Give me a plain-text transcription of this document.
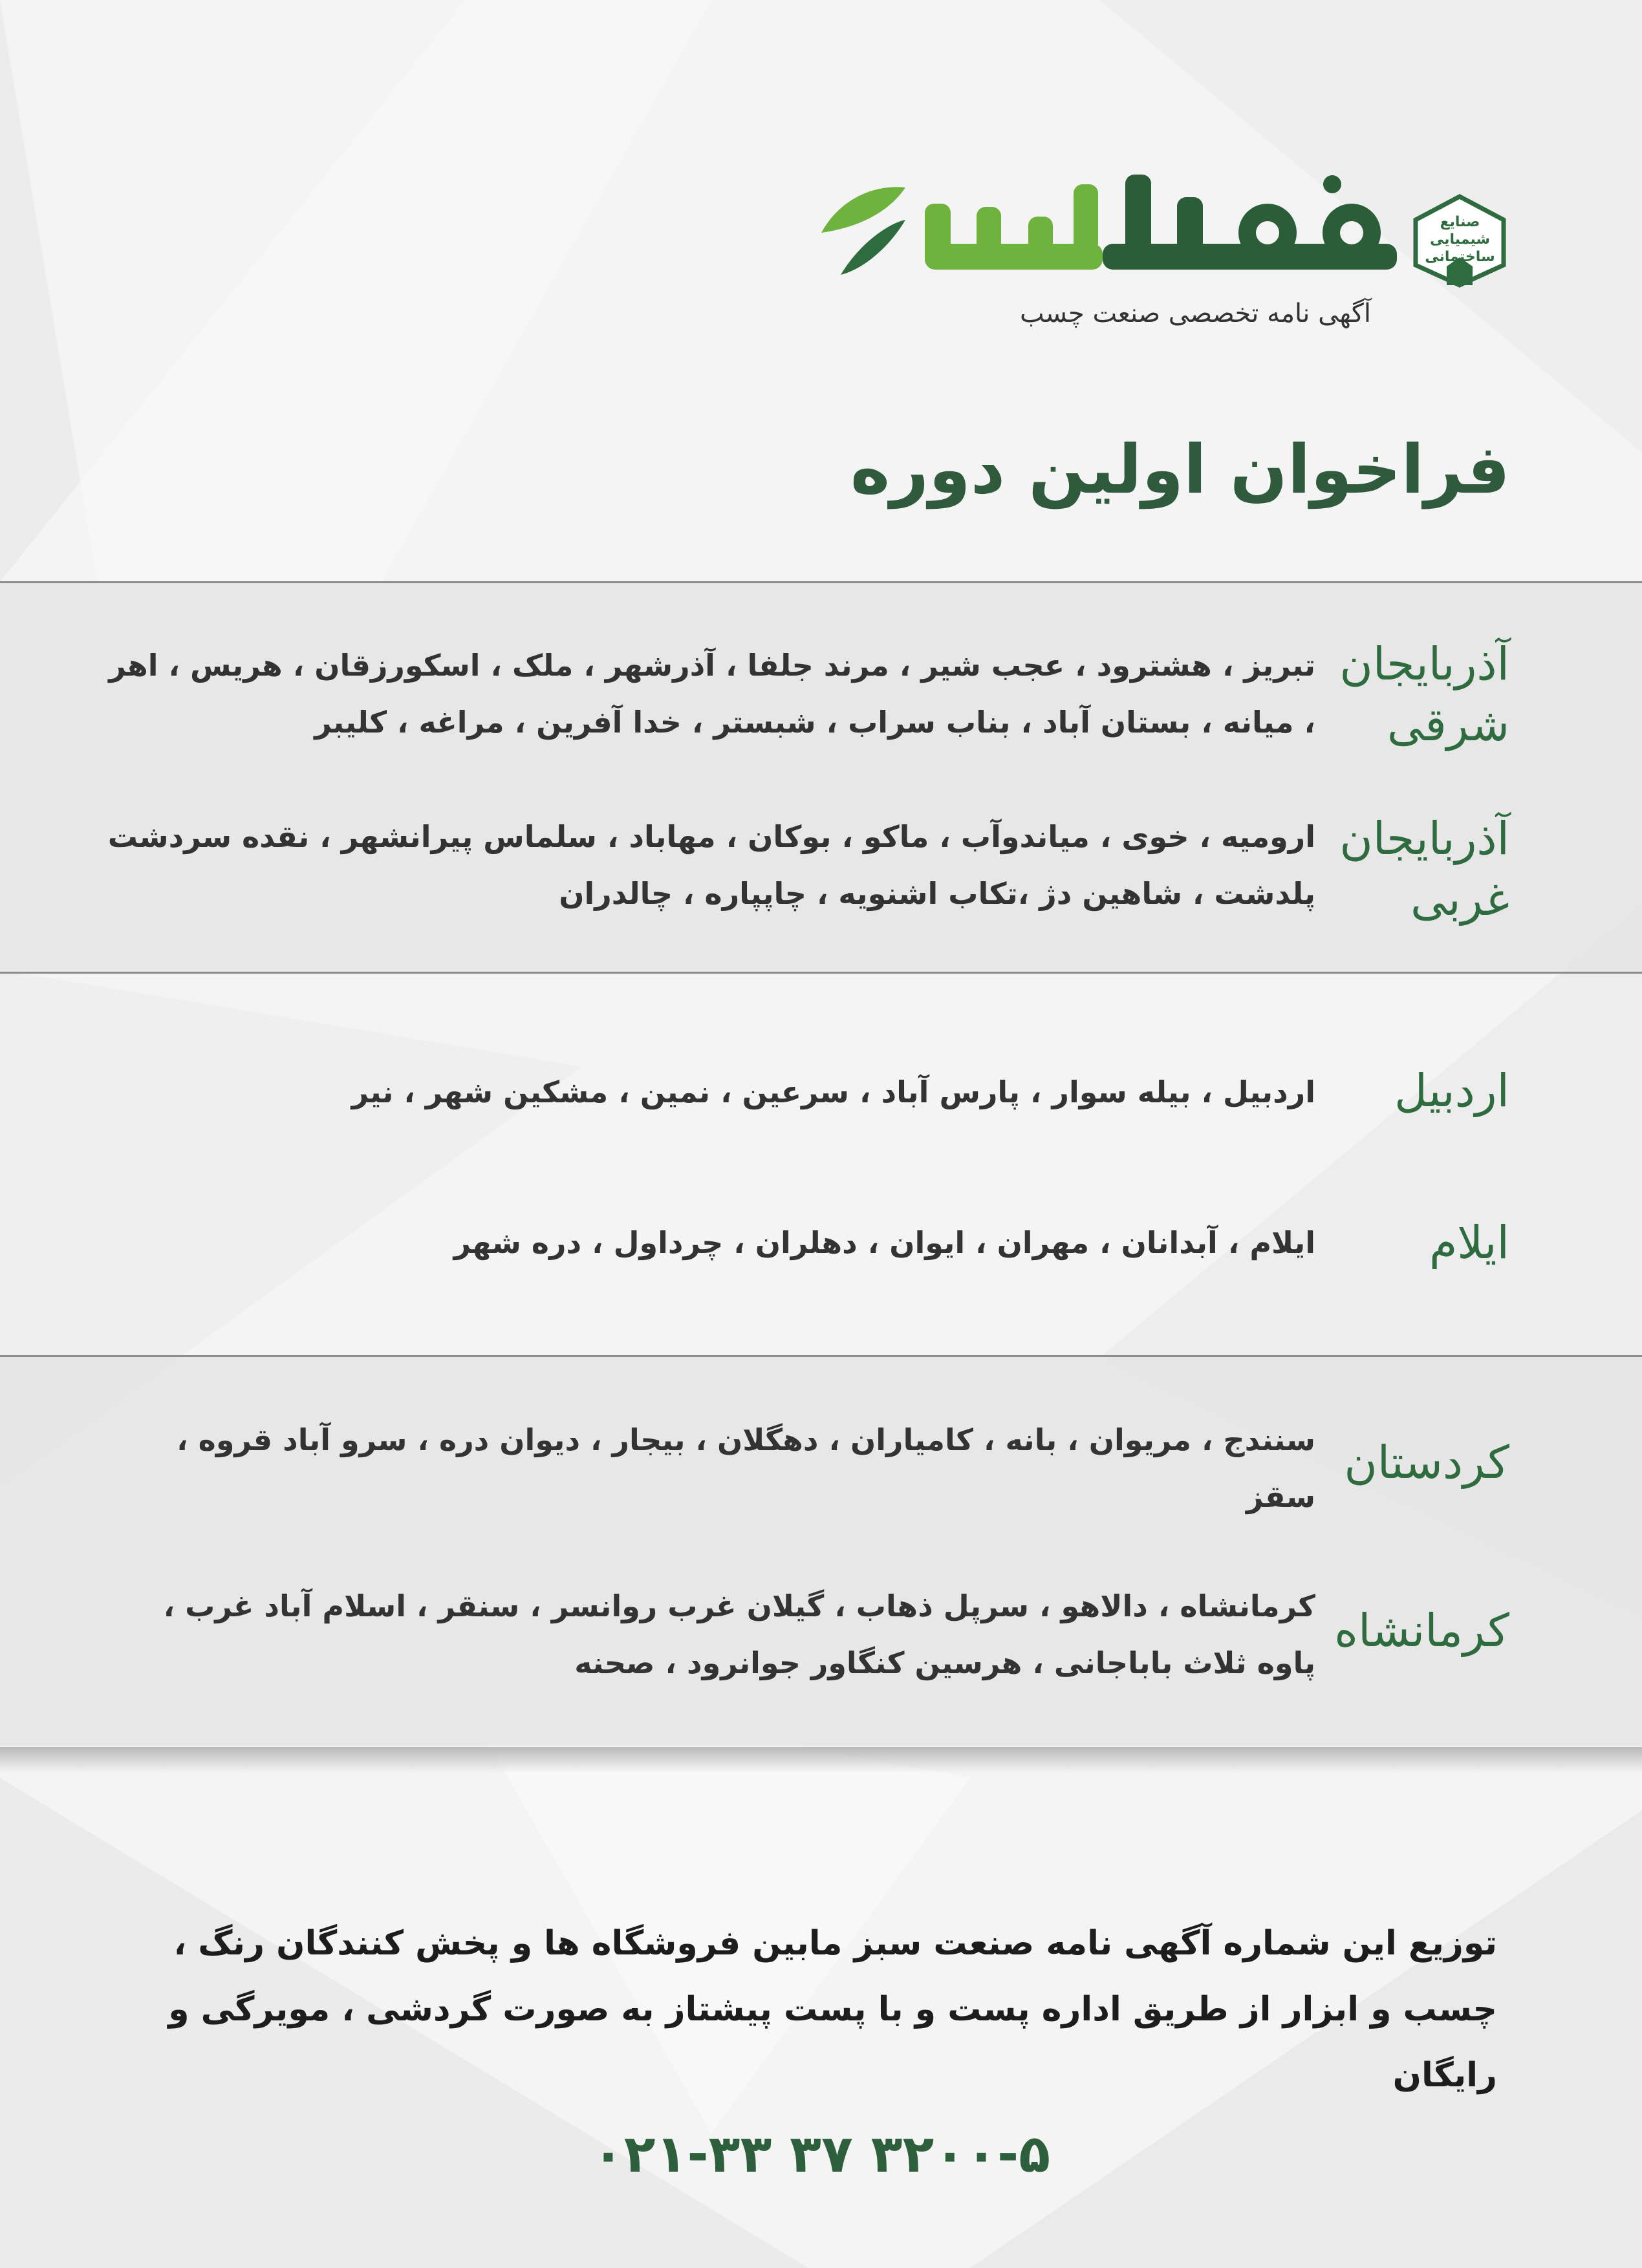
صنایع شیمیایی ساختمانی
آگهی نامه تخصصی صنعت چسب
فراخوان اولین دوره
آذربایجان شرقی
تبریز ، هشترود ، عجب شیر ، مرند جلفا ، آذرشهر ، ملک ، اسکورزقان ، هریس ، اهر ، میانه ، بستان آباد ، بناب سراب ، شبستر ، خدا آفرین ، مراغه ، کلیبر
آذربایجان غربی
ارومیه ، خوی ، میاندوآب ، ماکو ، بوکان ، مهاباد ، سلماس پیرانشهر ، نقده سردشت پلدشت ، شاهین دژ ،تکاب اشنویه ، چاپپاره ، چالدران
اردبیل
اردبیل ، بیله سوار ، پارس آباد ، سرعین ، نمین ، مشکین شهر ، نیر
ایلام
ایلام ، آبدانان ، مهران ، ایوان ، دهلران ، چرداول ، دره شهر
کردستان
سنندج ، مریوان ، بانه ، کامیاران ، دهگلان ، بیجار ، دیوان دره ، سرو آباد قروه ، سقز
کرمانشاه
کرمانشاه ، دالاهو ، سرپل ذهاب ، گیلان غرب روانسر ، سنقر ، اسلام آباد غرب ، پاوه ثلاث باباجانی ، هرسین کنگاور جوانرود ، صحنه
توزیع این شماره آگهی نامه صنعت سبز مابین فروشگاه ها و پخش کنندگان رنگ ، چسب و ابزار از طریق اداره پست و با پست پیشتاز به صورت گردشی ، مویرگی و رایگان
۰۲۱-۳۳ ۳۷ ۳۲۰۰-۵
